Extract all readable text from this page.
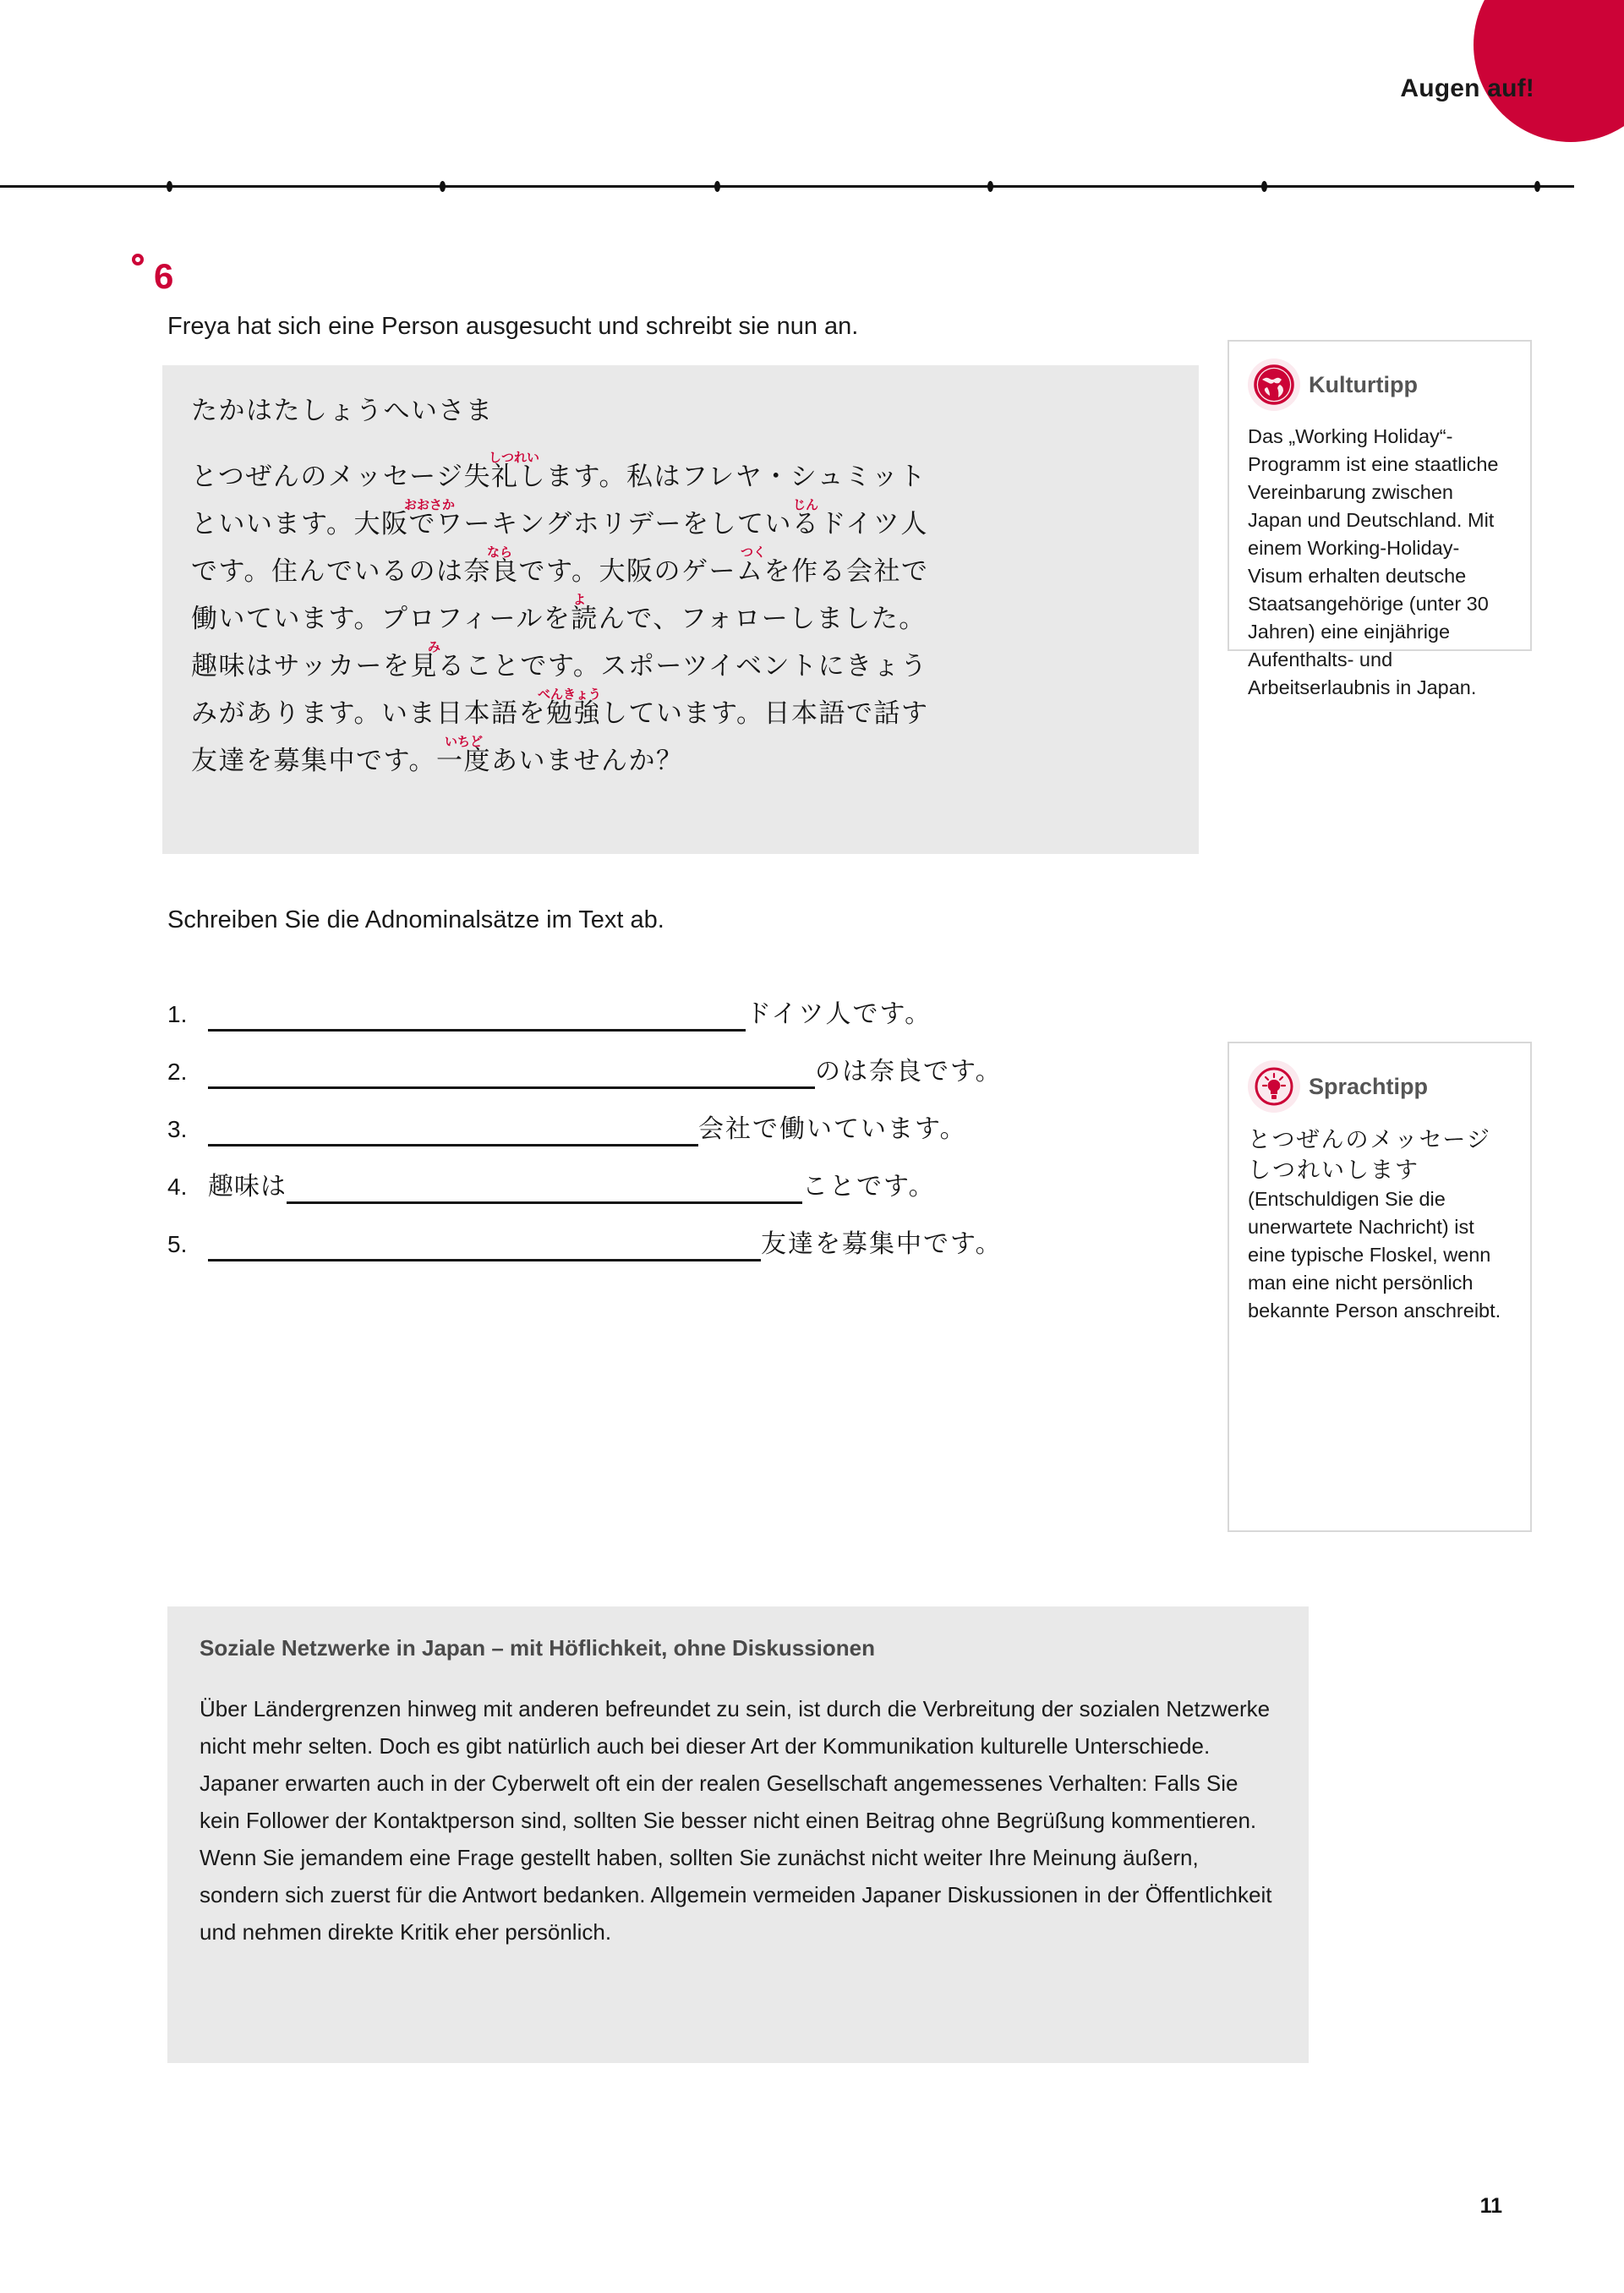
Augen auf!
6
Freya hat sich eine Person ausgesucht und schreibt sie nun an.
たかはたしょうへいさま
とつぜんのメッセージ失礼します。私はフレヤ・シュミット
しつれい
といいます。大阪でワーキングホリデーをしているドイツ人
おおさか	じん
です。住んでいるのは奈良です。大阪のゲームを作る会社で
なら	つく
働いています。プロフィールを読んで、フォローしました。
よ
趣味はサッカーを見ることです。スポーツイベントにきょう
み
みがあります。いま日本語を勉強しています。日本語で話す
べんきょう
友達を募集中です。一度あいませんか？
いちど
Schreiben Sie die Adnominalsätze im Text ab.
1.	ドイツ人です。
2.	のは奈良です。
3.	会社で働いています。
4. 趣味は	ことです。
5.	友達を募集中です。
Kulturtipp
Das „Working Holiday“-Programm ist eine staatliche Vereinbarung zwischen Japan und Deutschland. Mit einem Working-Holiday-Visum erhalten deutsche Staatsangehörige (unter 30 Jahren) eine einjährige Aufenthalts- und Arbeitserlaubnis in Japan.
Sprachtipp
とつぜんのメッセージしつれいします (Entschuldigen Sie die unerwartete Nachricht) ist eine typische Floskel, wenn man eine nicht persönlich bekannte Person anschreibt.
Soziale Netzwerke in Japan – mit Höflichkeit, ohne Diskussionen
Über Ländergrenzen hinweg mit anderen befreundet zu sein, ist durch die Verbreitung der sozialen Netzwerke nicht mehr selten. Doch es gibt natürlich auch bei dieser Art der Kommunikation kulturelle Unterschiede.
Japaner erwarten auch in der Cyberwelt oft ein der realen Gesellschaft angemessenes Verhalten: Falls Sie kein Follower der Kontaktperson sind, sollten Sie besser nicht einen Beitrag ohne Begrüßung kommentieren. Wenn Sie jemandem eine Frage gestellt haben, sollten Sie zunächst nicht weiter Ihre Meinung äußern, sondern sich zuerst für die Antwort bedanken. Allgemein vermeiden Japaner Diskussionen in der Öffentlichkeit und nehmen direkte Kritik eher persönlich.
11
